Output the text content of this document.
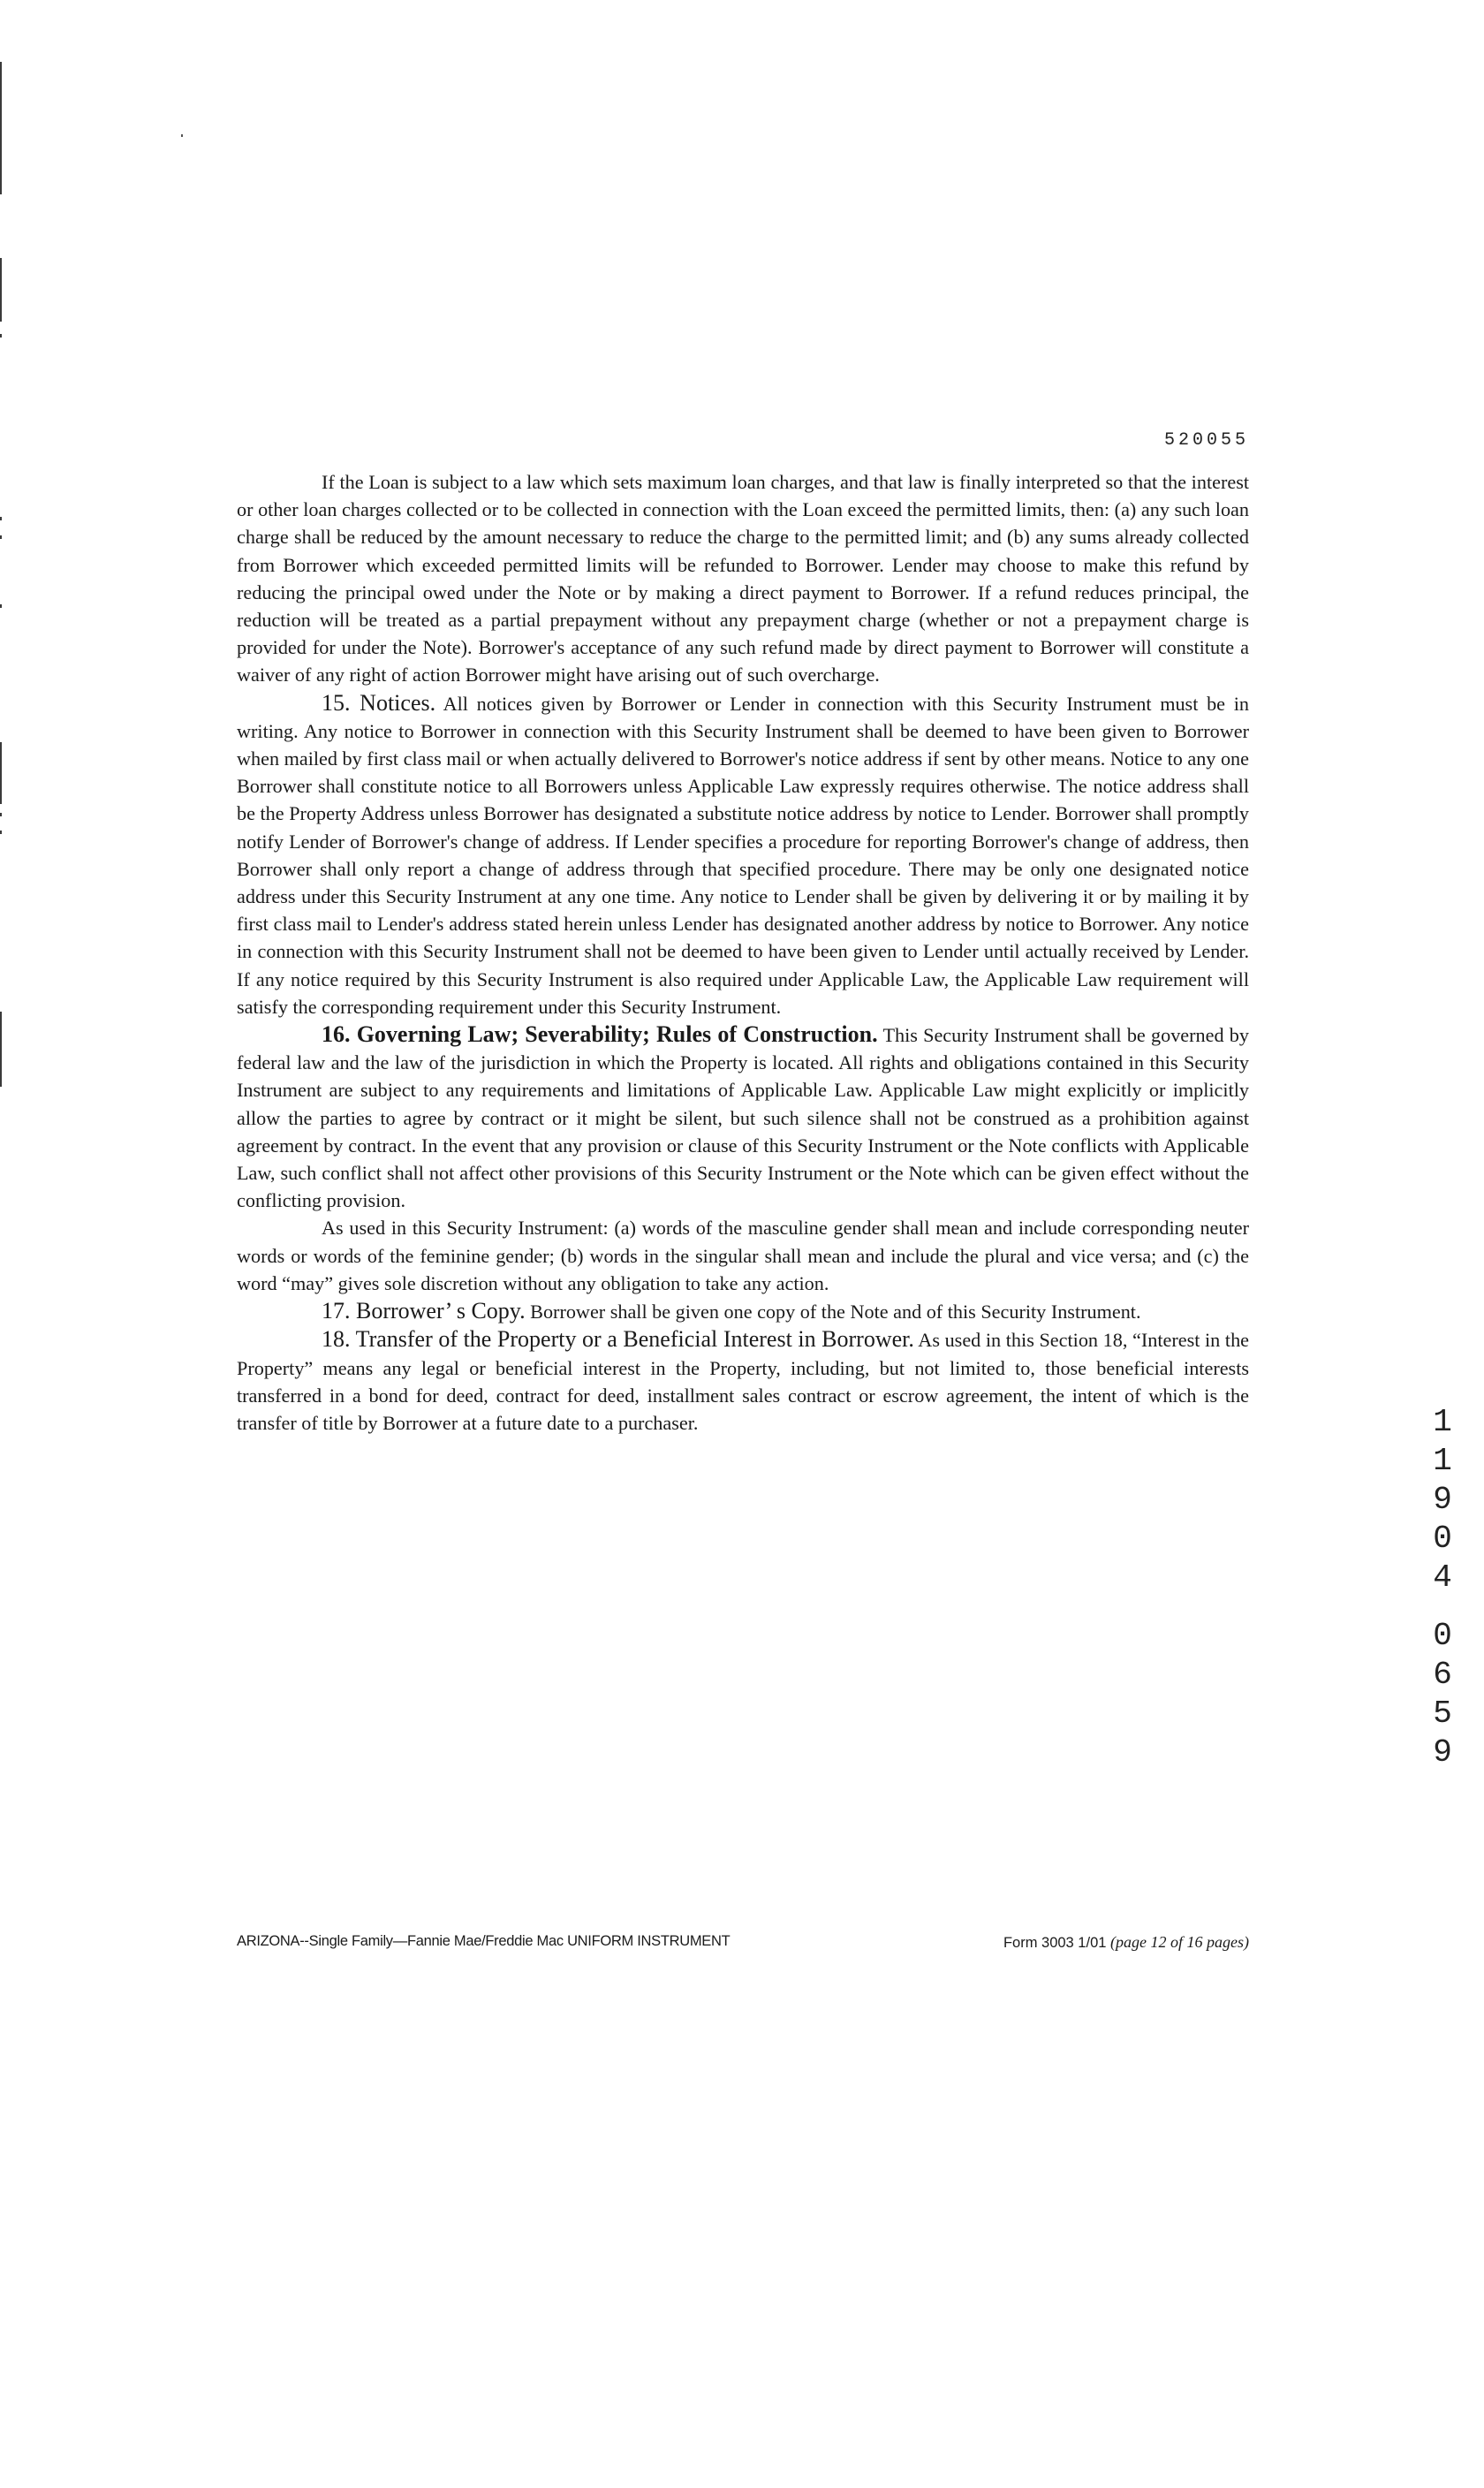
520055

If the Loan is subject to a law which sets maximum loan charges, and that law is finally interpreted so that the interest or other loan charges collected or to be collected in connection with the Loan exceed the permitted limits, then: (a) any such loan charge shall be reduced by the amount necessary to reduce the charge to the permitted limit; and (b) any sums already collected from Borrower which exceeded permitted limits will be refunded to Borrower. Lender may choose to make this refund by reducing the principal owed under the Note or by making a direct payment to Borrower. If a refund reduces principal, the reduction will be treated as a partial prepayment without any prepayment charge (whether or not a prepayment charge is provided for under the Note). Borrower's acceptance of any such refund made by direct payment to Borrower will constitute a waiver of any right of action Borrower might have arising out of such overcharge.

15. Notices. All notices given by Borrower or Lender in connection with this Security Instrument must be in writing. Any notice to Borrower in connection with this Security Instrument shall be deemed to have been given to Borrower when mailed by first class mail or when actually delivered to Borrower's notice address if sent by other means. Notice to any one Borrower shall constitute notice to all Borrowers unless Applicable Law expressly requires otherwise. The notice address shall be the Property Address unless Borrower has designated a substitute notice address by notice to Lender. Borrower shall promptly notify Lender of Borrower's change of address. If Lender specifies a procedure for reporting Borrower's change of address, then Borrower shall only report a change of address through that specified procedure. There may be only one designated notice address under this Security Instrument at any one time. Any notice to Lender shall be given by delivering it or by mailing it by first class mail to Lender's address stated herein unless Lender has designated another address by notice to Borrower. Any notice in connection with this Security Instrument shall not be deemed to have been given to Lender until actually received by Lender. If any notice required by this Security Instrument is also required under Applicable Law, the Applicable Law requirement will satisfy the corresponding requirement under this Security Instrument.

16. Governing Law; Severability; Rules of Construction. This Security Instrument shall be governed by federal law and the law of the jurisdiction in which the Property is located. All rights and obligations contained in this Security Instrument are subject to any requirements and limitations of Applicable Law. Applicable Law might explicitly or implicitly allow the parties to agree by contract or it might be silent, but such silence shall not be construed as a prohibition against agreement by contract. In the event that any provision or clause of this Security Instrument or the Note conflicts with Applicable Law, such conflict shall not affect other provisions of this Security Instrument or the Note which can be given effect without the conflicting provision.

As used in this Security Instrument: (a) words of the masculine gender shall mean and include corresponding neuter words or words of the feminine gender; (b) words in the singular shall mean and include the plural and vice versa; and (c) the word “may” gives sole discretion without any obligation to take any action.

17. Borrower’ s Copy. Borrower shall be given one copy of the Note and of this Security Instrument.

18. Transfer of the Property or a Beneficial Interest in Borrower. As used in this Section 18, “Interest in the Property” means any legal or beneficial interest in the Property, including, but not limited to, those beneficial interests transferred in a bond for deed, contract for deed, installment sales contract or escrow agreement, the intent of which is the transfer of title by Borrower at a future date to a purchaser.	1
1
9
0
4
0
6
5
9
ARIZONA--Single Family—Fannie Mae/Freddie Mac UNIFORM INSTRUMENT	Form 3003 1/01 (page 12 of 16 pages)
